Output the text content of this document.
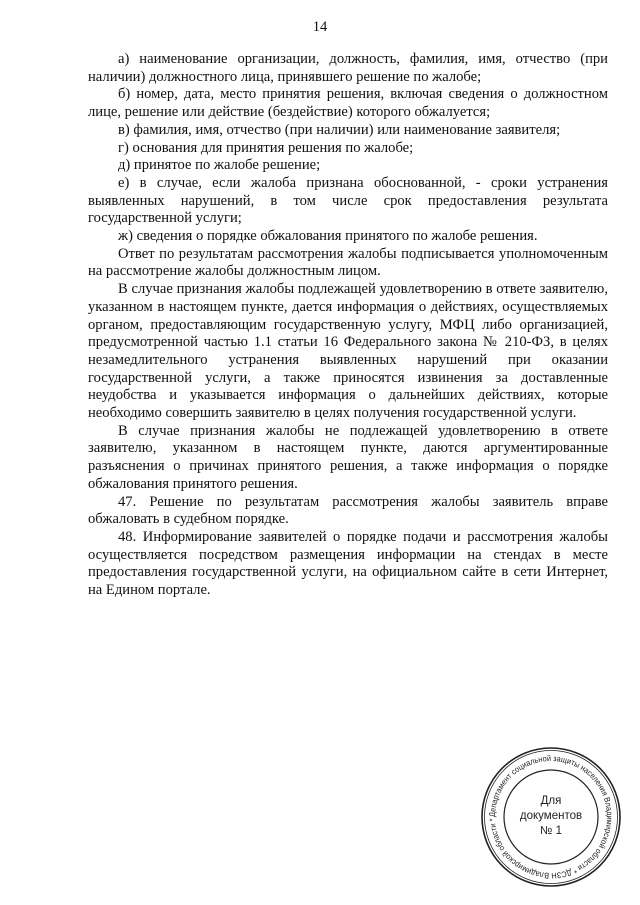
14

а) наименование организации, должность, фамилия, имя, отчество (при наличии) должностного лица, принявшего решение по жалобе;

б) номер, дата, место принятия решения, включая сведения о должностном лице, решение или действие (бездействие) которого обжалуется;

в) фамилия, имя, отчество (при наличии) или наименование заявителя;

г) основания для принятия решения по жалобе;

д) принятое по жалобе решение;

е) в случае, если жалоба признана обоснованной, - сроки устранения выявленных нарушений, в том числе срок предоставления результата государственной услуги;

ж) сведения о порядке обжалования принятого по жалобе решения.

Ответ по результатам рассмотрения жалобы подписывается уполномоченным на рассмотрение жалобы должностным лицом.

В случае признания жалобы подлежащей удовлетворению в ответе заявителю, указанном в настоящем пункте, дается информация о действиях, осуществляемых органом, предоставляющим государственную услугу, МФЦ либо организацией, предусмотренной частью 1.1 статьи 16 Федерального закона № 210-ФЗ, в целях незамедлительного устранения выявленных нарушений при оказании государственной услуги, а также приносятся извинения за доставленные неудобства и указывается информация о дальнейших действиях, которые необходимо совершить заявителю в целях получения государственной услуги.

В случае признания жалобы не подлежащей удовлетворению в ответе заявителю, указанном в настоящем пункте, даются аргументированные разъяснения о причинах принятого решения, а также информация о порядке обжалования принятого решения.

47. Решение по результатам рассмотрения жалобы заявитель вправе обжаловать в судебном порядке.

48. Информирование заявителей о порядке подачи и рассмотрения жалобы осуществляется посредством размещения информации на стендах в месте предоставления государственной услуги, на официальном сайте в сети Интернет, на Едином портале.

Департамент социальной защиты населения Владимирской области * ДСЗН Владимирской области *
Для
документов
№ 1
